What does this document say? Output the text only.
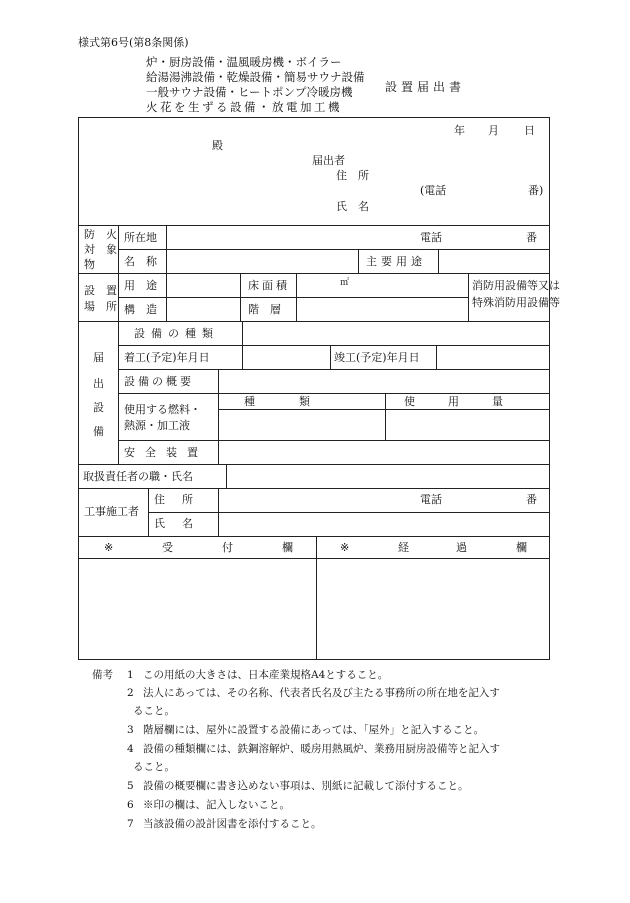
様式第6号(第8条関係)
炉・厨房設備・温風暖房機・ボイラー
給湯湯沸設備・乾燥設備・簡易サウナ設備
一般サウナ設備・ヒートポンプ冷暖房機
火花を生ずる設備・放電加工機
設置届出書
年 月 日
殿
届出者
住　所
(電話	番)
氏　名
防　火
対　象
物
所在地	電話	番
名　称	主要用途
設　置
場　所
用　途	床面積	㎡	消防用設備等又は
特殊消防用設備等
構　造	階　層
届
出
設
備
設備の種類
着工(予定)年月日	竣工(予定)年月日
設備の概要
使用する燃料・
熱源・加工液
種　　　　類	使　　　用　　　量
安全装置
取扱責任者の職・氏名
工事施工者
住　所	電話	番
氏　名
※	受	付	欄	※	経	過	欄
備考 1 この用紙の大きさは、日本産業規格A4とすること。
2 法人にあっては、その名称、代表者氏名及び主たる事務所の所在地を記入す
ること。
3 階層欄には、屋外に設置する設備にあっては、「屋外」と記入すること。
4 設備の種類欄には、鉄鋼溶解炉、暖房用熱風炉、業務用厨房設備等と記入す
ること。
5 設備の概要欄に書き込めない事項は、別紙に記載して添付すること。
6 ※印の欄は、記入しないこと。
7 当該設備の設計図書を添付すること。
